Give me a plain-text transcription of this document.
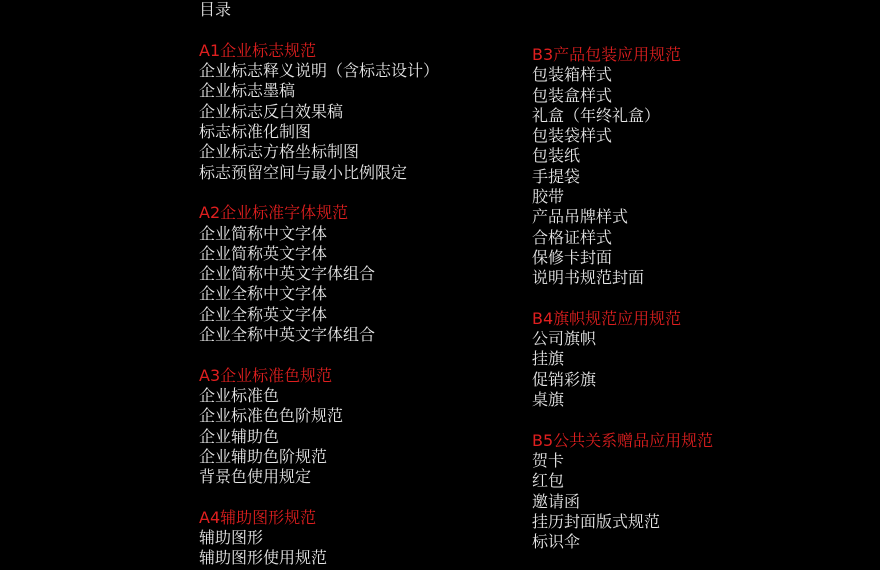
目录
A1企业标志规范
企业标志释义说明（含标志设计）
企业标志墨稿
企业标志反白效果稿
标志标准化制图
企业标志方格坐标制图
标志预留空间与最小比例限定
A2企业标准字体规范
企业简称中文字体
企业简称英文字体
企业简称中英文字体组合
企业全称中文字体
企业全称英文字体
企业全称中英文字体组合
A3企业标准色规范
企业标准色
企业标准色色阶规范
企业辅助色
企业辅助色阶规范
背景色使用规定
A4辅助图形规范
辅助图形
辅助图形使用规范
B3产品包装应用规范
包装箱样式
包装盒样式
礼盒（年终礼盒）
包装袋样式
包装纸
手提袋
胶带
产品吊牌样式
合格证样式
保修卡封面
说明书规范封面
B4旗帜规范应用规范
公司旗帜
挂旗
促销彩旗
桌旗
B5公共关系赠品应用规范
贺卡
红包
邀请函
挂历封面版式规范
标识伞
